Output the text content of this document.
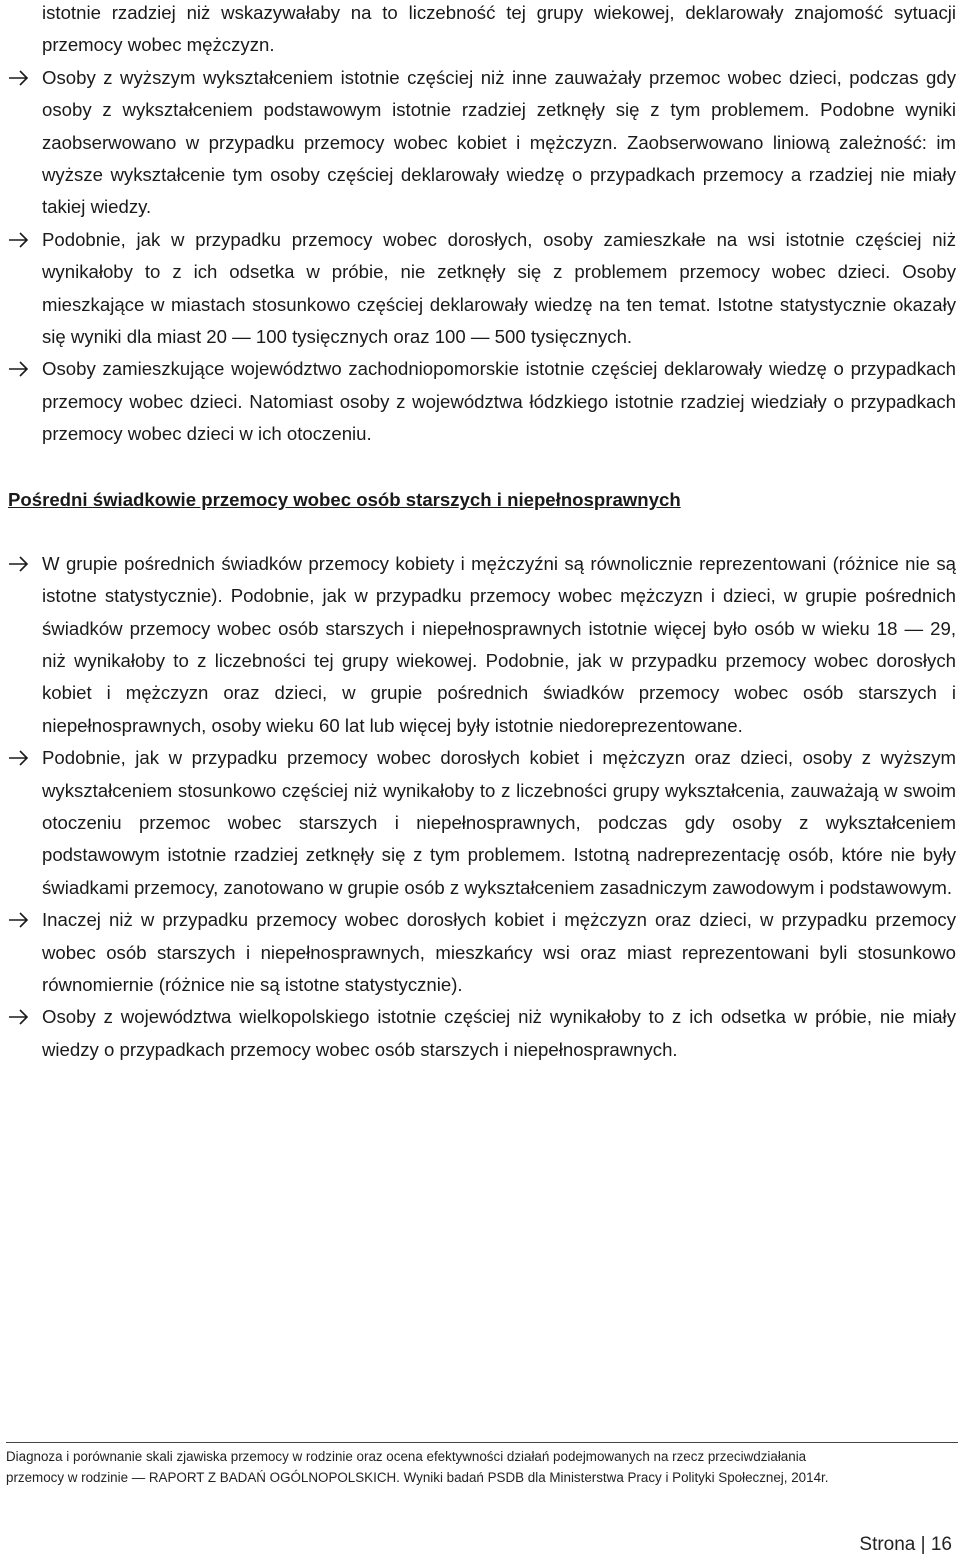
istotnie rzadziej niż wskazywałaby na to liczebność tej grupy wiekowej, deklarowały znajomość sytuacji przemocy wobec mężczyzn.

Osoby z wyższym wykształceniem istotnie częściej niż inne zauważały przemoc wobec dzieci, podczas gdy osoby z wykształceniem podstawowym istotnie rzadziej zetknęły się z tym problemem. Podobne wyniki zaobserwowano w przypadku przemocy wobec kobiet i mężczyzn. Zaobserwowano liniową zależność: im wyższe wykształcenie tym osoby częściej deklarowały wiedzę o przypadkach przemocy a rzadziej nie miały takiej wiedzy.
Podobnie, jak w przypadku przemocy wobec dorosłych, osoby zamieszkałe na wsi istotnie częściej niż wynikałoby to z ich odsetka w próbie, nie zetknęły się z problemem przemocy wobec dzieci. Osoby mieszkające w miastach stosunkowo częściej deklarowały wiedzę na ten temat. Istotne statystycznie okazały się wyniki dla miast 20 — 100 tysięcznych oraz 100 — 500 tysięcznych.
Osoby zamieszkujące województwo zachodniopomorskie istotnie częściej deklarowały wiedzę o przypadkach przemocy wobec dzieci. Natomiast osoby z województwa łódzkiego istotnie rzadziej wiedziały o przypadkach przemocy wobec dzieci w ich otoczeniu.

Pośredni świadkowie przemocy wobec osób starszych i niepełnosprawnych

W grupie pośrednich świadków przemocy kobiety i mężczyźni są równolicznie reprezentowani (różnice nie są istotne statystycznie). Podobnie, jak w przypadku przemocy wobec mężczyzn i dzieci, w grupie pośrednich świadków przemocy wobec osób starszych i niepełnosprawnych istotnie więcej było osób w wieku 18 — 29, niż wynikałoby to z liczebności tej grupy wiekowej. Podobnie, jak w przypadku przemocy wobec dorosłych kobiet i mężczyzn oraz dzieci, w grupie pośrednich świadków przemocy wobec osób starszych i niepełnosprawnych, osoby wieku 60 lat lub więcej były istotnie niedoreprezentowane.
Podobnie, jak w przypadku przemocy wobec dorosłych kobiet i mężczyzn oraz dzieci, osoby z wyższym wykształceniem stosunkowo częściej niż wynikałoby to z liczebności grupy wykształcenia, zauważają w swoim otoczeniu przemoc wobec starszych i niepełnosprawnych, podczas gdy osoby z wykształceniem podstawowym istotnie rzadziej zetknęły się z tym problemem. Istotną nadreprezentację osób, które nie były świadkami przemocy, zanotowano w grupie osób z wykształceniem zasadniczym zawodowym i podstawowym.
Inaczej niż w przypadku przemocy wobec dorosłych kobiet i mężczyzn oraz dzieci, w przypadku przemocy wobec osób starszych i niepełnosprawnych, mieszkańcy wsi oraz miast reprezentowani byli stosunkowo równomiernie (różnice nie są istotne statystycznie).
Osoby z województwa wielkopolskiego istotnie częściej niż wynikałoby to z ich odsetka w próbie, nie miały wiedzy o przypadkach przemocy wobec osób starszych i niepełnosprawnych.
Diagnoza i porównanie skali zjawiska przemocy w rodzinie oraz ocena efektywności działań podejmowanych na rzecz przeciwdziałania
przemocy w rodzinie — RAPORT Z BADAŃ OGÓLNOPOLSKICH. Wyniki badań PSDB dla Ministerstwa Pracy i Polityki Społecznej, 2014r.
Strona | 16
